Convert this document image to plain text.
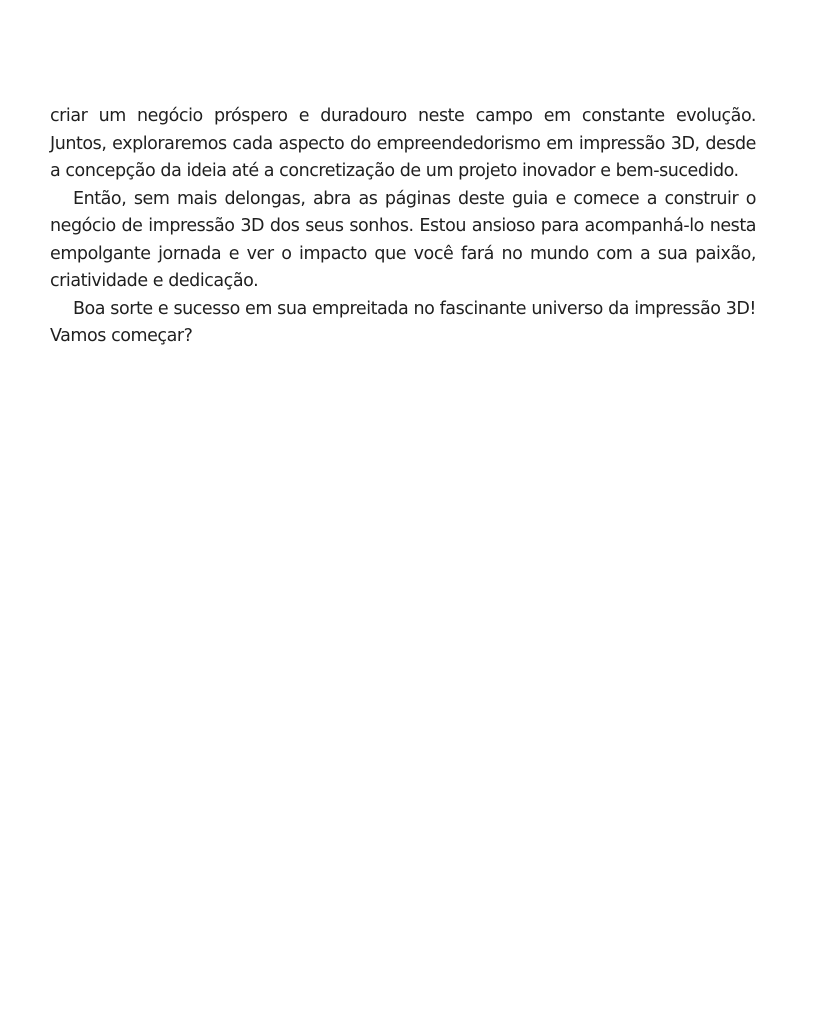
criar um negócio próspero e duradouro neste campo em constante evolução. Juntos, exploraremos cada aspecto do empreendedorismo em impressão 3D, desde a concepção da ideia até a concretização de um projeto inovador e bem-sucedido.

Então, sem mais delongas, abra as páginas deste guia e comece a construir o negócio de impressão 3D dos seus sonhos. Estou ansioso para acompanhá-lo nesta empolgante jornada e ver o impacto que você fará no mundo com a sua paixão, criatividade e dedicação.

Boa sorte e sucesso em sua empreitada no fascinante universo da impressão 3D! Vamos começar?
